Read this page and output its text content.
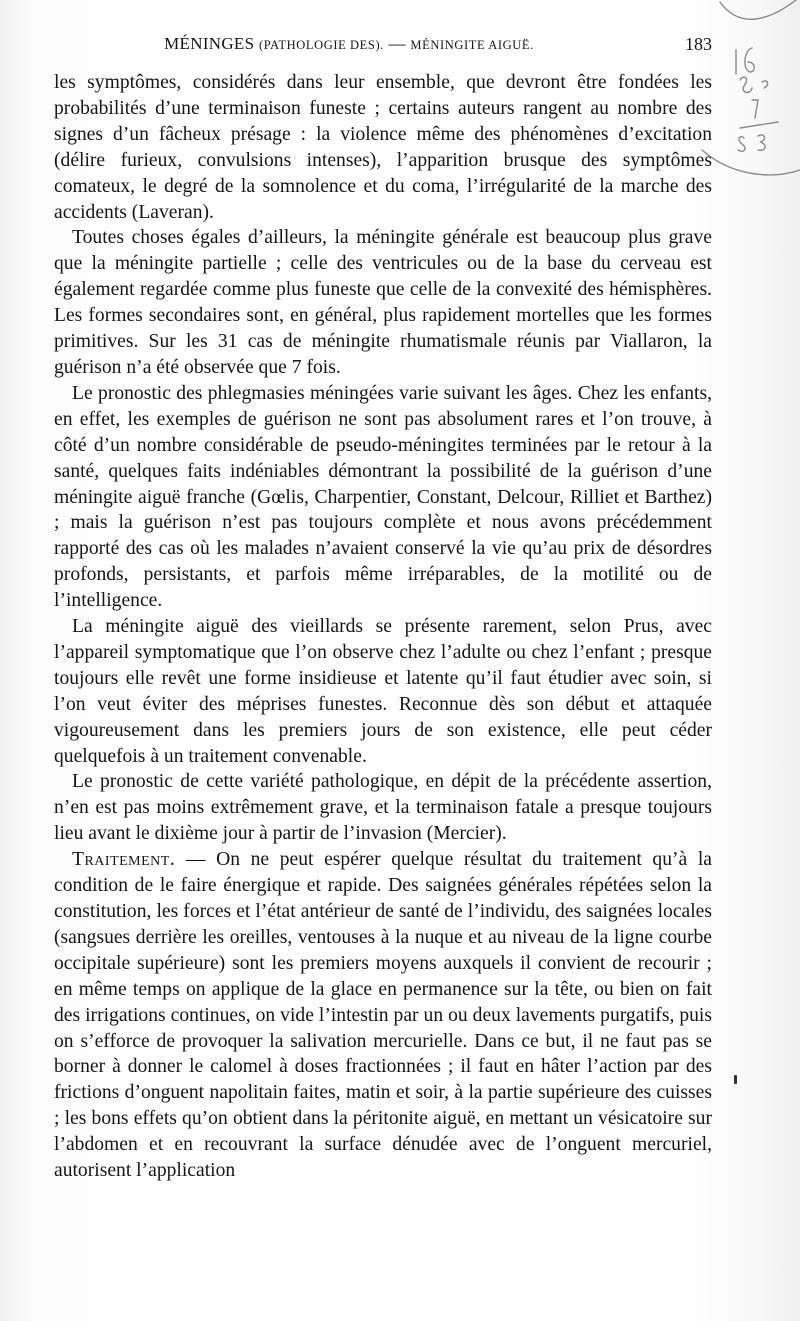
MÉNINGES (PATHOLOGIE DES). — MÉNINGITE AIGUË.	183

les symptômes, considérés dans leur ensemble, que devront être fondées les probabilités d’une terminaison funeste ; certains auteurs rangent au nombre des signes d’un fâcheux présage : la violence même des phénomènes d’excitation (délire furieux, convulsions intenses), l’apparition brusque des symptômes comateux, le degré de la somnolence et du coma, l’irrégularité de la marche des accidents (Laveran).

Toutes choses égales d’ailleurs, la méningite générale est beaucoup plus grave que la méningite partielle ; celle des ventricules ou de la base du cerveau est également regardée comme plus funeste que celle de la convexité des hémisphères. Les formes secondaires sont, en général, plus rapidement mortelles que les formes primitives. Sur les 31 cas de méningite rhumatismale réunis par Viallaron, la guérison n’a été observée que 7 fois.

Le pronostic des phlegmasies méningées varie suivant les âges. Chez les enfants, en effet, les exemples de guérison ne sont pas absolument rares et l’on trouve, à côté d’un nombre considérable de pseudo-méningites terminées par le retour à la santé, quelques faits indéniables démontrant la possibilité de la guérison d’une méningite aiguë franche (Gœlis, Charpentier, Constant, Delcour, Rilliet et Barthez) ; mais la guérison n’est pas toujours complète et nous avons précédemment rapporté des cas où les malades n’avaient conservé la vie qu’au prix de désordres profonds, persistants, et parfois même irréparables, de la motilité ou de l’intelligence.

La méningite aiguë des vieillards se présente rarement, selon Prus, avec l’appareil symptomatique que l’on observe chez l’adulte ou chez l’enfant ; presque toujours elle revêt une forme insidieuse et latente qu’il faut étudier avec soin, si l’on veut éviter des méprises funestes. Reconnue dès son début et attaquée vigoureusement dans les premiers jours de son existence, elle peut céder quelquefois à un traitement convenable.

Le pronostic de cette variété pathologique, en dépit de la précédente assertion, n’en est pas moins extrêmement grave, et la terminaison fatale a presque toujours lieu avant le dixième jour à partir de l’invasion (Mercier).

Traitement. — On ne peut espérer quelque résultat du traitement qu’à la condition de le faire énergique et rapide. Des saignées générales répétées selon la constitution, les forces et l’état antérieur de santé de l’individu, des saignées locales (sangsues derrière les oreilles, ventouses à la nuque et au niveau de la ligne courbe occipitale supérieure) sont les premiers moyens auxquels il convient de recourir ; en même temps on applique de la glace en permanence sur la tête, ou bien on fait des irrigations continues, on vide l’intestin par un ou deux lavements purgatifs, puis on s’efforce de provoquer la salivation mercurielle. Dans ce but, il ne faut pas se borner à donner le calomel à doses fractionnées ; il faut en hâter l’action par des frictions d’onguent napolitain faites, matin et soir, à la partie supérieure des cuisses ; les bons effets qu’on obtient dans la péritonite aiguë, en mettant un vésicatoire sur l’abdomen et en recouvrant la surface dénudée avec de l’onguent mercuriel, autorisent l’application
